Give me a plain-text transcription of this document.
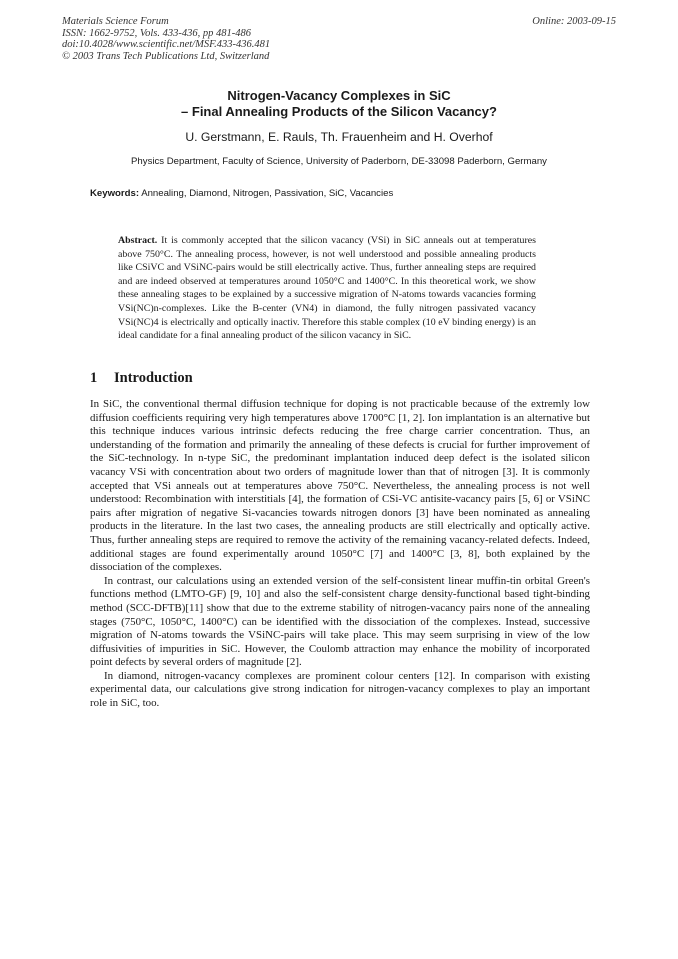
Materials Science Forum
ISSN: 1662-9752, Vols. 433-436, pp 481-486
doi:10.4028/www.scientific.net/MSF.433-436.481
© 2003 Trans Tech Publications Ltd, Switzerland
Online: 2003-09-15
Nitrogen-Vacancy Complexes in SiC
– Final Annealing Products of the Silicon Vacancy?
U. Gerstmann, E. Rauls, Th. Frauenheim and H. Overhof
Physics Department, Faculty of Science, University of Paderborn, DE-33098 Paderborn, Germany
Keywords: Annealing, Diamond, Nitrogen, Passivation, SiC, Vacancies
Abstract. It is commonly accepted that the silicon vacancy (VSi) in SiC anneals out at temperatures above 750°C. The annealing process, however, is not well understood and possible annealing products like CSiVC and VSiNC-pairs would be still electrically active. Thus, further annealing steps are required and are indeed observed at temperatures around 1050°C and 1400°C. In this theoretical work, we show these annealing stages to be explained by a successive migration of N-atoms towards vacancies forming VSi(NC)n-complexes. Like the B-center (VN4) in diamond, the fully nitrogen passivated vacancy VSi(NC)4 is electrically and optically inactiv. Therefore this stable complex (10 eV binding energy) is an ideal candidate for a final annealing product of the silicon vacancy in SiC.
1 Introduction

In SiC, the conventional thermal diffusion technique for doping is not practicable because of the extremly low diffusion coefficients requiring very high temperatures above 1700°C [1, 2]. Ion implantation is an alternative but this technique induces various intrinsic defects reducing the free charge carrier concentration. Thus, an understanding of the formation and primarily the annealing of these defects is crucial for further improvement of the SiC-technology. In n-type SiC, the predominant implantation induced deep defect is the isolated silicon vacancy VSi with concentration about two orders of magnitude lower than that of nitrogen [3]. It is commonly accepted that VSi anneals out at temperatures above 750°C. Nevertheless, the annealing process is not well understood: Recombination with interstitials [4], the formation of CSi-VC antisite-vacancy pairs [5, 6] or VSiNC pairs after migration of negative Si-vacancies towards nitrogen donors [3] have been nominated as annealing products in the literature. In the last two cases, the annealing products are still electrically and optically active. Thus, further annealing steps are required to remove the activity of the remaining vacancy-related defects. Indeed, additional stages are found experimentally around 1050°C [7] and 1400°C [3, 8], both explained by the dissociation of the complexes.

In contrast, our calculations using an extended version of the self-consistent linear muffin-tin orbital Green's functions method (LMTO-GF) [9, 10] and also the self-consistent charge density-functional based tight-binding method (SCC-DFTB)[11] show that due to the extreme stability of nitrogen-vacancy pairs none of the annealing stages (750°C, 1050°C, 1400°C) can be identified with the dissociation of the complexes. Instead, successive migration of N-atoms towards the VSiNC-pairs will take place. This may seem surprising in view of the low diffusivities of impurities in SiC. However, the Coulomb attraction may enhance the mobility of incorporated point defects by several orders of magnitude [2].

In diamond, nitrogen-vacancy complexes are prominent colour centers [12]. In comparison with existing experimental data, our calculations give strong indication for nitrogen-vacancy complexes to play an important role in SiC, too.
